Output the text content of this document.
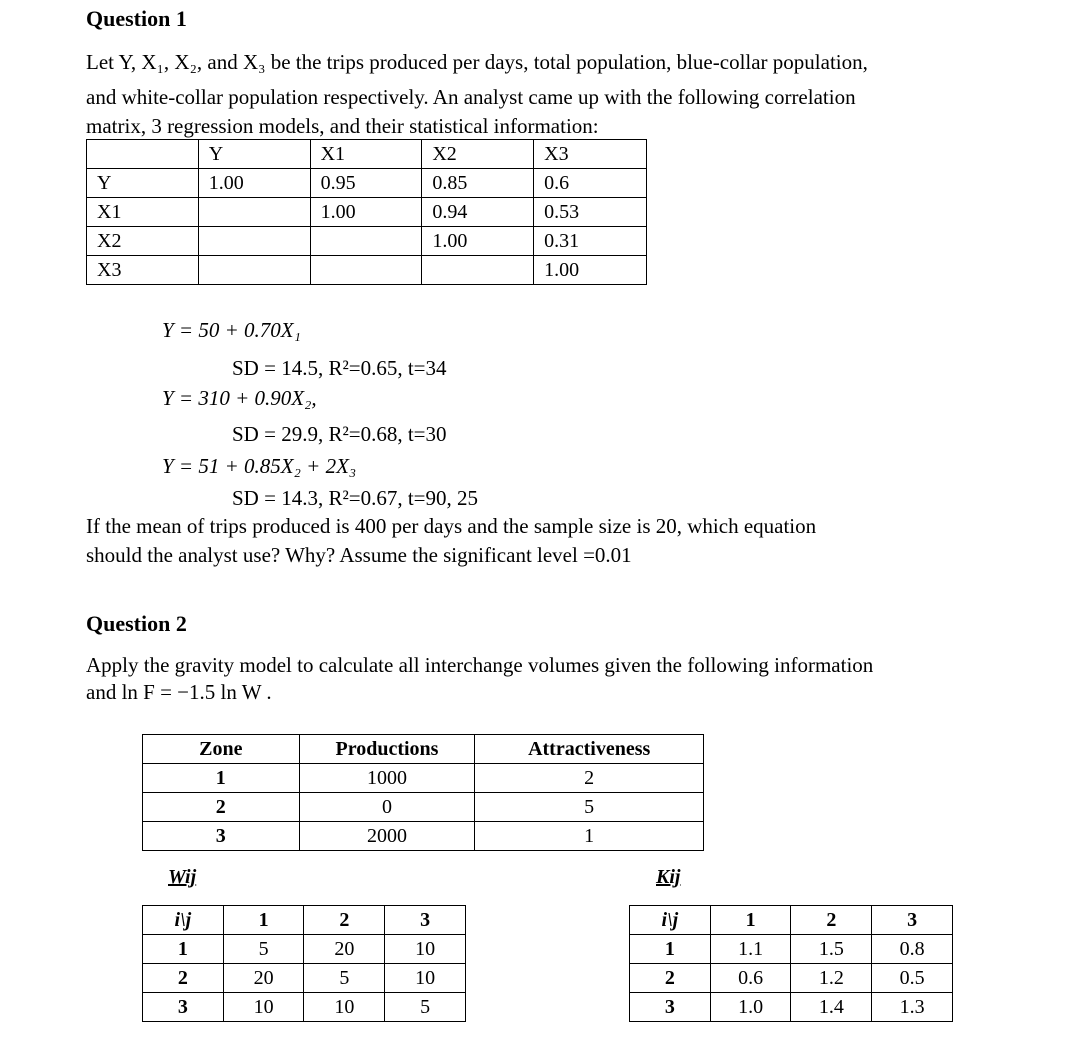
Question 1
Let Y, X₁, X₂, and X₃ be the trips produced per days, total population, blue-collar population,
and white-collar population respectively. An analyst came up with the following correlation
matrix, 3 regression models, and their statistical information:
	Y	X1	X2	X3
Y	1.00	0.95	0.85	0.6
X1		1.00	0.94	0.53
X2			1.00	0.31
X3				1.00
Y = 50 + 0.70X₁
SD = 14.5, R²=0.65, t=34
Y = 310 + 0.90X₂,
SD = 29.9, R²=0.68, t=30
Y = 51 + 0.85X₂ + 2X₃
SD = 14.3, R²=0.67, t=90, 25
If the mean of trips produced is 400 per days and the sample size is 20, which equation
should the analyst use? Why? Assume the significant level =0.01
Question 2
Apply the gravity model to calculate all interchange volumes given the following information
and ln F = −1.5 ln W .
Zone	Productions	Attractiveness
1	1000	2
2	0	5
3	2000	1
Wij	Kij
i\j	1	2	3
1	5	20	10
2	20	5	10
3	10	10	5
i\j	1	2	3
1	1.1	1.5	0.8
2	0.6	1.2	0.5
3	1.0	1.4	1.3
